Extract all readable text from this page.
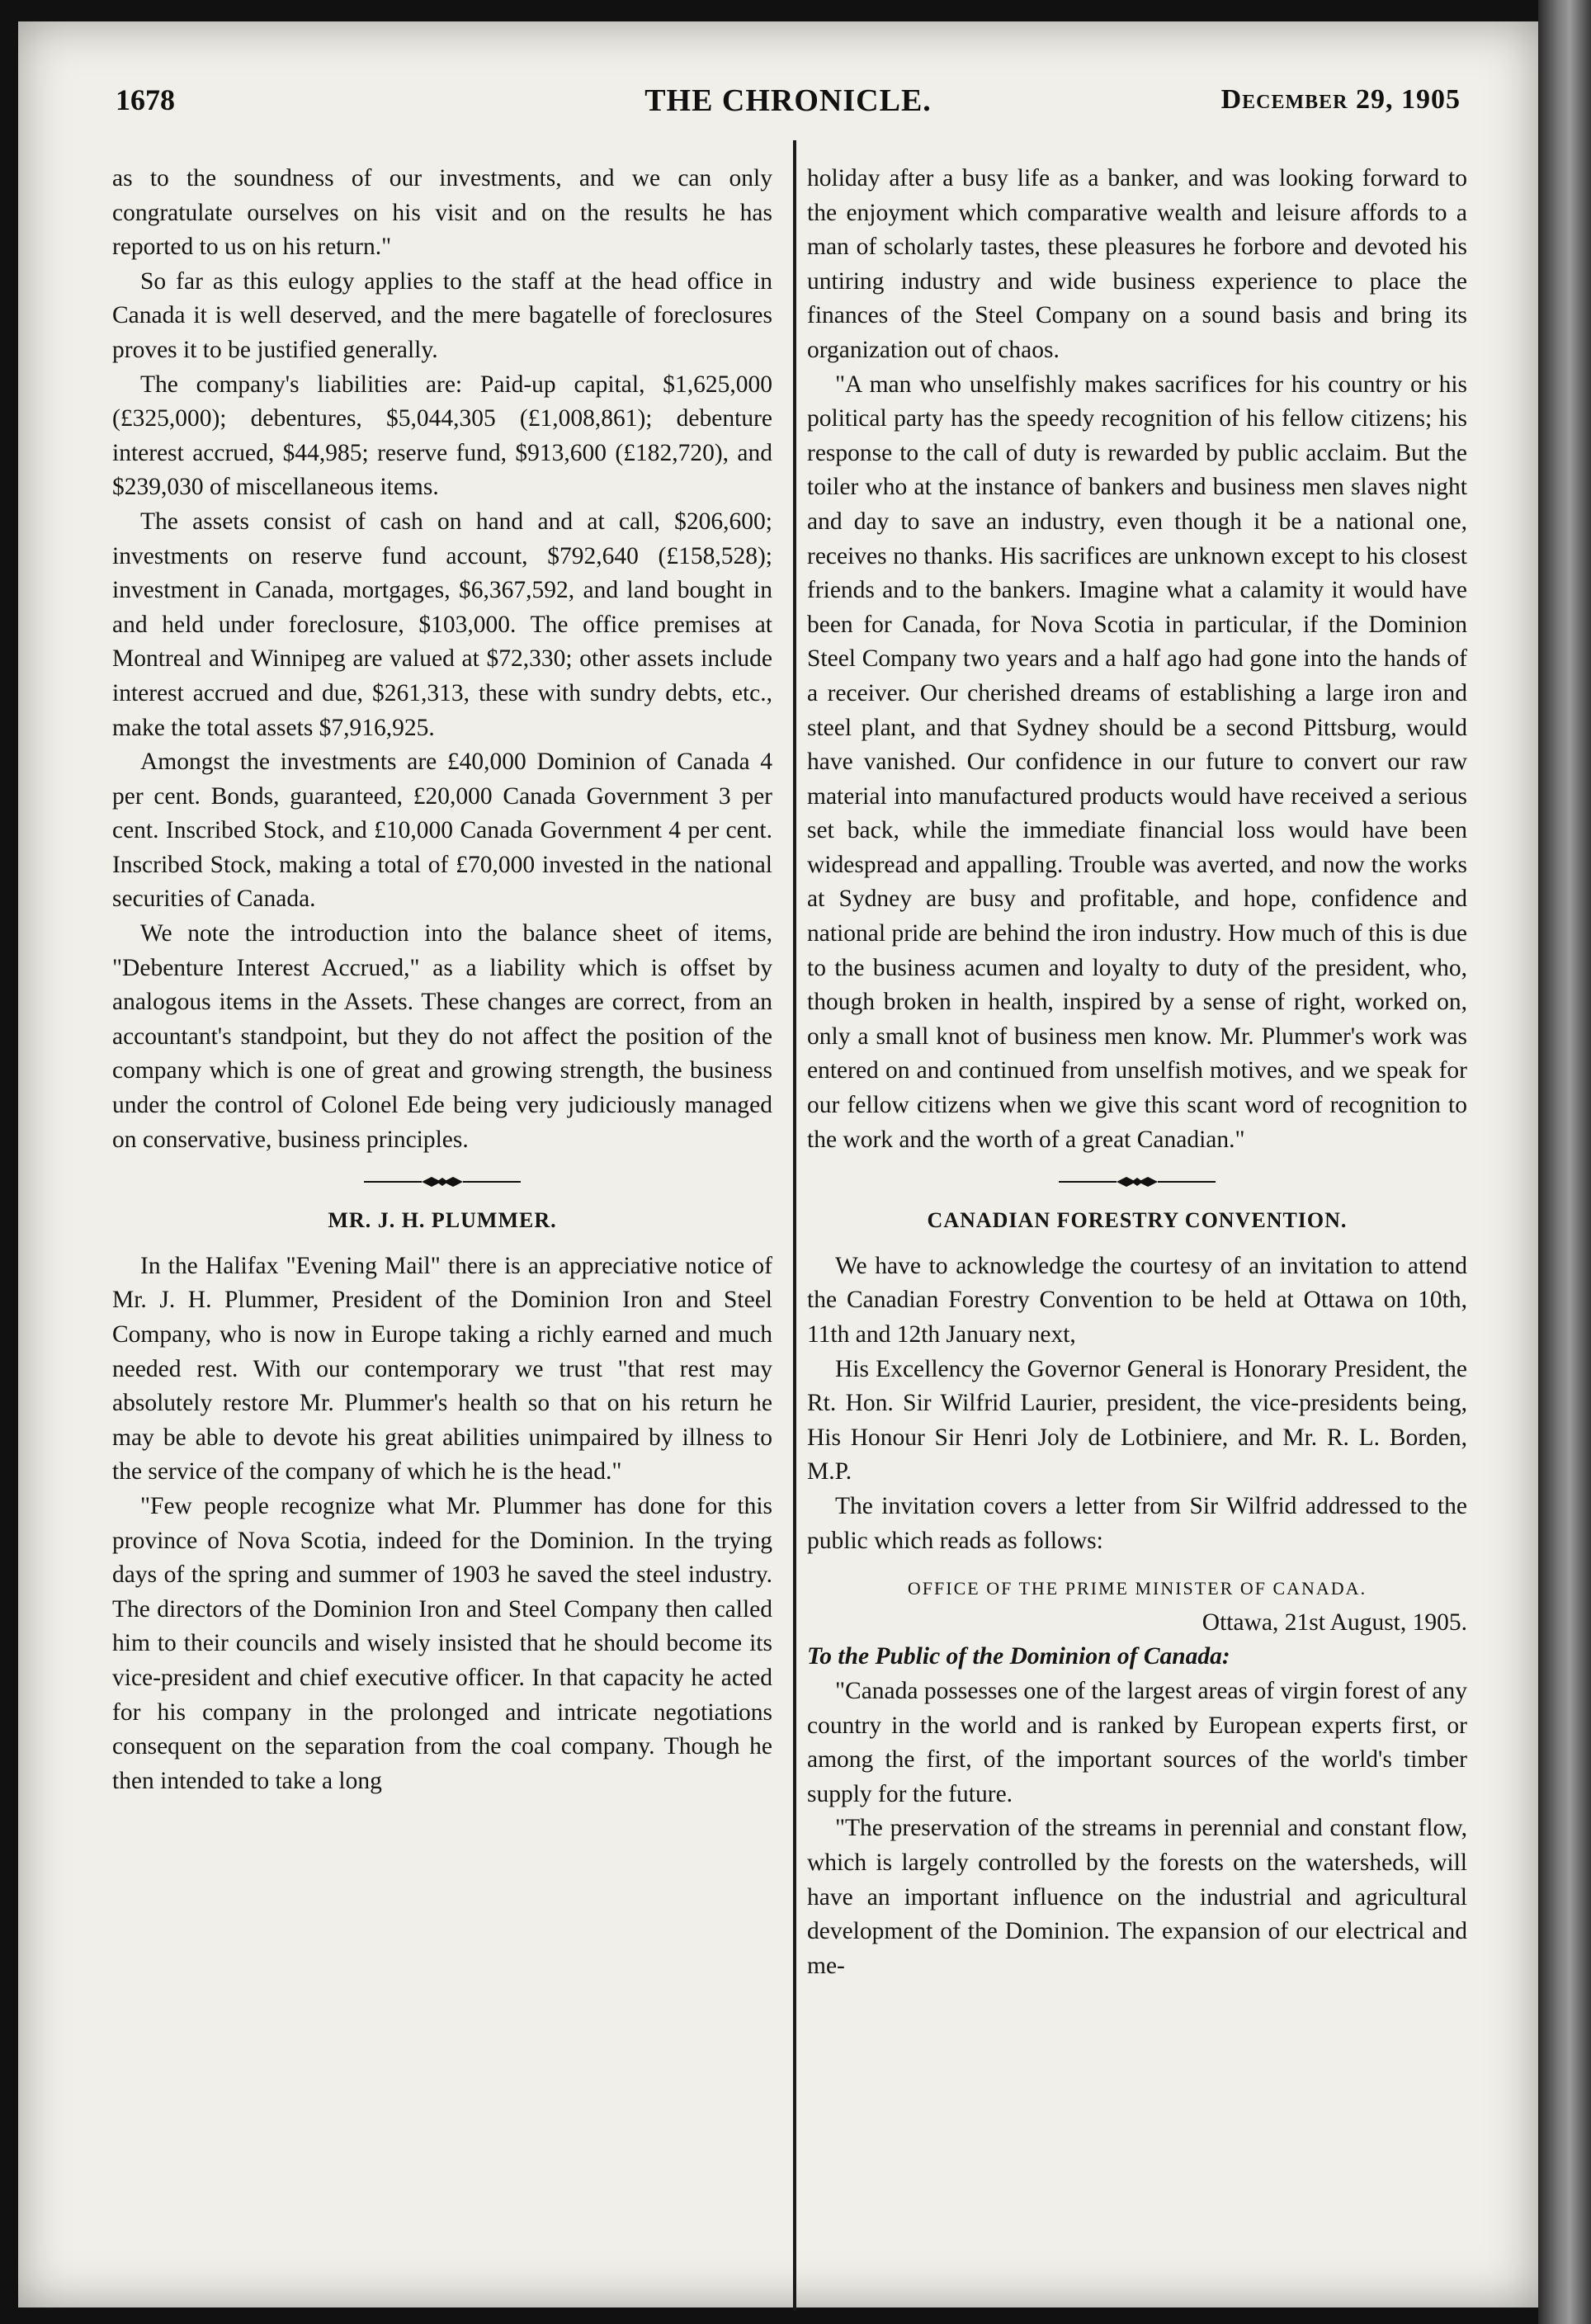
1678	THE CHRONICLE.	December 29, 1905

as to the soundness of our investments, and we can only congratulate ourselves on his visit and on the results he has reported to us on his return."

So far as this eulogy applies to the staff at the head office in Canada it is well deserved, and the mere bagatelle of foreclosures proves it to be justified generally.

The company's liabilities are: Paid-up capital, $1,625,000 (£325,000); debentures, $5,044,305 (£1,008,861); debenture interest accrued, $44,985; reserve fund, $913,600 (£182,720), and $239,030 of miscellaneous items.

The assets consist of cash on hand and at call, $206,600; investments on reserve fund account, $792,640 (£158,528); investment in Canada, mortgages, $6,367,592, and land bought in and held under foreclosure, $103,000. The office premises at Montreal and Winnipeg are valued at $72,330; other assets include interest accrued and due, $261,313, these with sundry debts, etc., make the total assets $7,916,925.

Amongst the investments are £40,000 Dominion of Canada 4 per cent. Bonds, guaranteed, £20,000 Canada Government 3 per cent. Inscribed Stock, and £10,000 Canada Government 4 per cent. Inscribed Stock, making a total of £70,000 invested in the national securities of Canada.

We note the introduction into the balance sheet of items, "Debenture Interest Accrued," as a liability which is offset by analogous items in the Assets. These changes are correct, from an accountant's standpoint, but they do not affect the position of the company which is one of great and growing strength, the business under the control of Colonel Ede being very judiciously managed on conservative, business principles.

MR. J. H. PLUMMER.

In the Halifax "Evening Mail" there is an appreciative notice of Mr. J. H. Plummer, President of the Dominion Iron and Steel Company, who is now in Europe taking a richly earned and much needed rest. With our contemporary we trust "that rest may absolutely restore Mr. Plummer's health so that on his return he may be able to devote his great abilities unimpaired by illness to the service of the company of which he is the head."

"Few people recognize what Mr. Plummer has done for this province of Nova Scotia, indeed for the Dominion. In the trying days of the spring and summer of 1903 he saved the steel industry. The directors of the Dominion Iron and Steel Company then called him to their councils and wisely insisted that he should become its vice-president and chief executive officer. In that capacity he acted for his company in the prolonged and intricate negotiations consequent on the separation from the coal company. Though he then intended to take a long

holiday after a busy life as a banker, and was looking forward to the enjoyment which comparative wealth and leisure affords to a man of scholarly tastes, these pleasures he forbore and devoted his untiring industry and wide business experience to place the finances of the Steel Company on a sound basis and bring its organization out of chaos.

"A man who unselfishly makes sacrifices for his country or his political party has the speedy recognition of his fellow citizens; his response to the call of duty is rewarded by public acclaim. But the toiler who at the instance of bankers and business men slaves night and day to save an industry, even though it be a national one, receives no thanks. His sacrifices are unknown except to his closest friends and to the bankers. Imagine what a calamity it would have been for Canada, for Nova Scotia in particular, if the Dominion Steel Company two years and a half ago had gone into the hands of a receiver. Our cherished dreams of establishing a large iron and steel plant, and that Sydney should be a second Pittsburg, would have vanished. Our confidence in our future to convert our raw material into manufactured products would have received a serious set back, while the immediate financial loss would have been widespread and appalling. Trouble was averted, and now the works at Sydney are busy and profitable, and hope, confidence and national pride are behind the iron industry. How much of this is due to the business acumen and loyalty to duty of the president, who, though broken in health, inspired by a sense of right, worked on, only a small knot of business men know. Mr. Plummer's work was entered on and continued from unselfish motives, and we speak for our fellow citizens when we give this scant word of recognition to the work and the worth of a great Canadian."

CANADIAN FORESTRY CONVENTION.

We have to acknowledge the courtesy of an invitation to attend the Canadian Forestry Convention to be held at Ottawa on 10th, 11th and 12th January next,

His Excellency the Governor General is Honorary President, the Rt. Hon. Sir Wilfrid Laurier, president, the vice-presidents being, His Honour Sir Henri Joly de Lotbiniere, and Mr. R. L. Borden, M.P.

The invitation covers a letter from Sir Wilfrid addressed to the public which reads as follows:

OFFICE OF THE PRIME MINISTER OF CANADA.

Ottawa, 21st August, 1905.

To the Public of the Dominion of Canada:

"Canada possesses one of the largest areas of virgin forest of any country in the world and is ranked by European experts first, or among the first, of the important sources of the world's timber supply for the future.

"The preservation of the streams in perennial and constant flow, which is largely controlled by the forests on the watersheds, will have an important influence on the industrial and agricultural development of the Dominion. The expansion of our electrical and me-
